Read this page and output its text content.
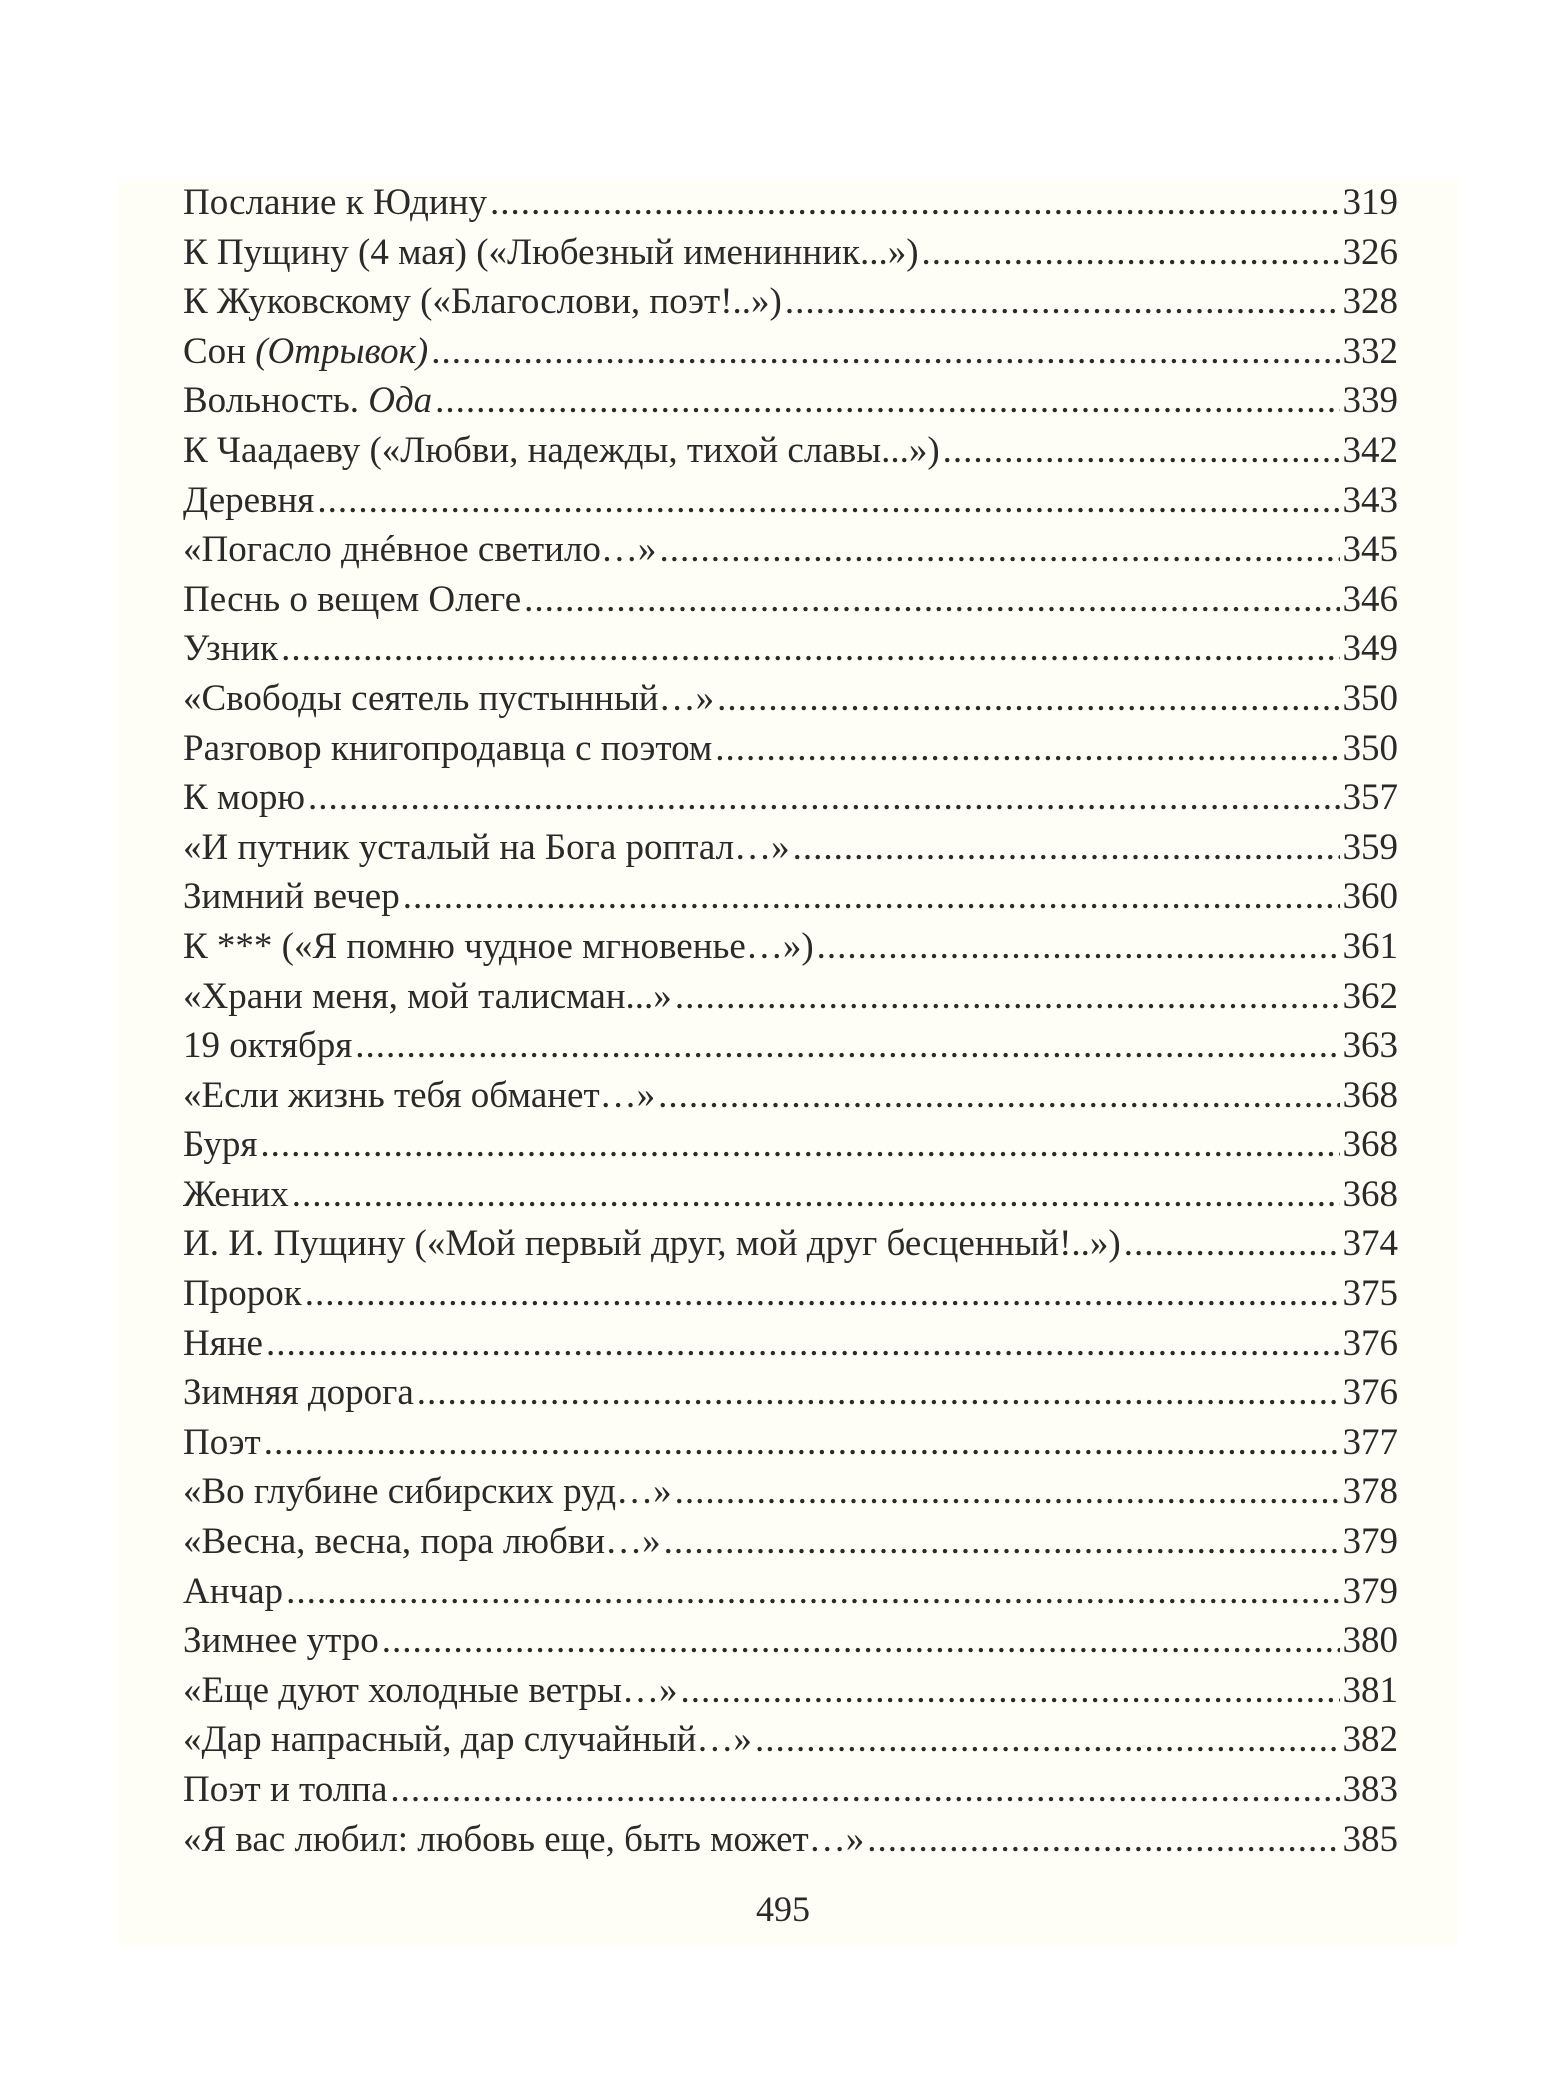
Послание к Юдину .....	319
К Пущину (4 мая) («Любезный именинник...») .....	326
К Жуковскому («Благослови, поэт!..») .....	328
Сон (Отрывок) .....	332
Вольность. Ода .....	339
К Чаадаеву («Любви, надежды, тихой славы...») .....	342
Деревня .....	343
«Погасло днéвное светило…» .....	345
Песнь о вещем Олеге .....	346
Узник .....	349
«Свободы сеятель пустынный…» .....	350
Разговор книгопродавца с поэтом .....	350
К морю .....	357
«И путник усталый на Бога роптал…» .....	359
Зимний вечер .....	360
К *** («Я помню чудное мгновенье…») .....	361
«Храни меня, мой талисман...» .....	362
19 октября .....	363
«Если жизнь тебя обманет…» .....	368
Буря .....	368
Жених .....	368
И. И. Пущину («Мой первый друг, мой друг бесценный!..») .....	374
Пророк .....	375
Няне .....	376
Зимняя дорога .....	376
Поэт .....	377
«Во глубине сибирских руд…» .....	378
«Весна, весна, пора любви…» .....	379
Анчар .....	379
Зимнее утро .....	380
«Еще дуют холодные ветры…» .....	381
«Дар напрасный, дар случайный…» .....	382
Поэт и толпа .....	383
«Я вас любил: любовь еще, быть может…» .....	385
495
